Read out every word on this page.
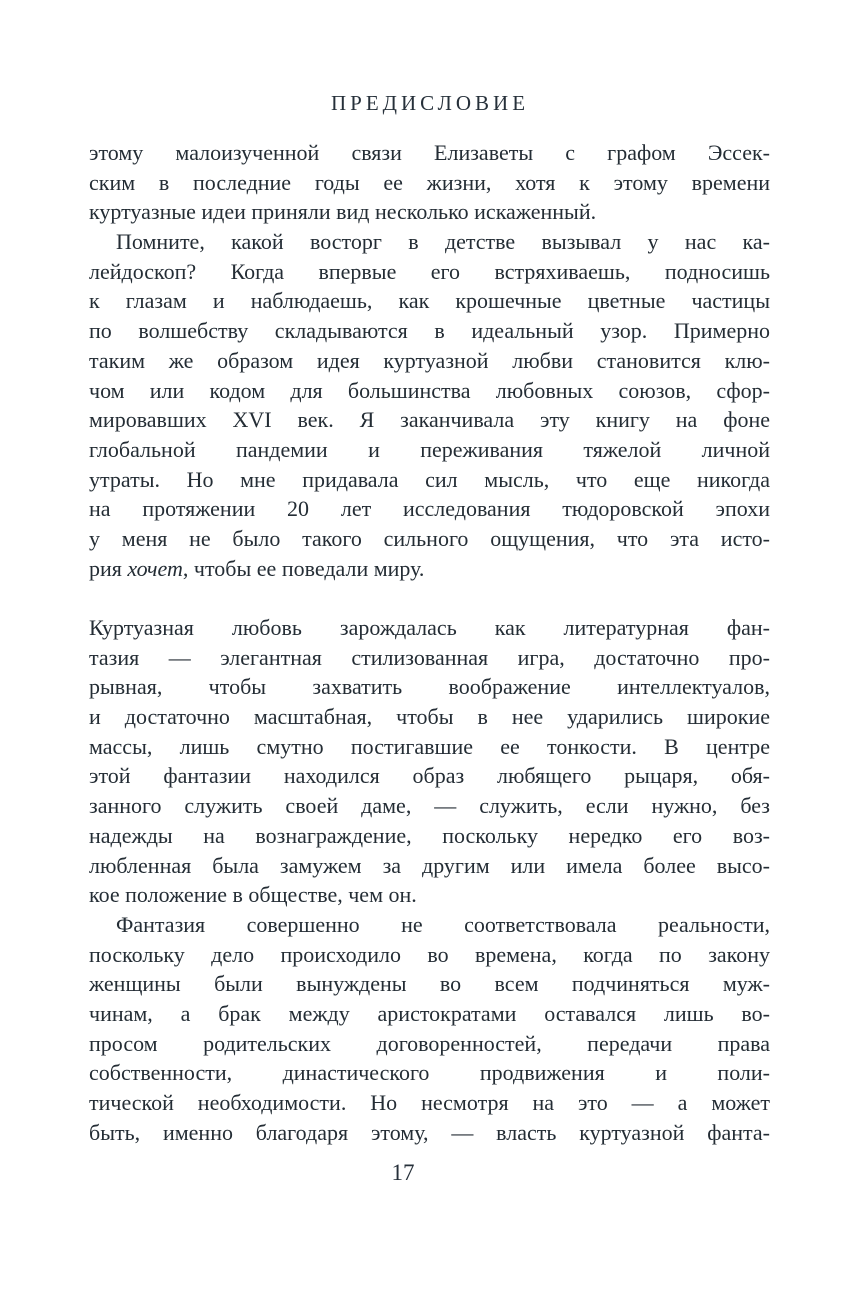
ПРЕДИСЛОВИЕ
этому малоизученной связи Елизаветы с графом Эссек-
ским в последние годы ее жизни, хотя к этому времени
куртуазные идеи приняли вид несколько искаженный.
Помните, какой восторг в детстве вызывал у нас ка-
лейдоскоп? Когда впервые его встряхиваешь, подносишь
к глазам и наблюдаешь, как крошечные цветные частицы
по волшебству складываются в идеальный узор. Примерно
таким же образом идея куртуазной любви становится клю-
чом или кодом для большинства любовных союзов, сфор-
мировавших XVI век. Я заканчивала эту книгу на фоне
глобальной пандемии и переживания тяжелой личной
утраты. Но мне придавала сил мысль, что еще никогда
на протяжении 20 лет исследования тюдоровской эпохи
у меня не было такого сильного ощущения, что эта исто-
рия хочет, чтобы ее поведали миру.
Куртуазная любовь зарождалась как литературная фан-
тазия — элегантная стилизованная игра, достаточно про-
рывная, чтобы захватить воображение интеллектуалов,
и достаточно масштабная, чтобы в нее ударились широкие
массы, лишь смутно постигавшие ее тонкости. В центре
этой фантазии находился образ любящего рыцаря, обя-
занного служить своей даме, — служить, если нужно, без
надежды на вознаграждение, поскольку нередко его воз-
любленная была замужем за другим или имела более высо-
кое положение в обществе, чем он.
Фантазия совершенно не соответствовала реальности,
поскольку дело происходило во времена, когда по закону
женщины были вынуждены во всем подчиняться муж-
чинам, а брак между аристократами оставался лишь во-
просом родительских договоренностей, передачи права
собственности, династического продвижения и поли-
тической необходимости. Но несмотря на это — а может
быть, именно благодаря этому, — власть куртуазной фанта-
17
